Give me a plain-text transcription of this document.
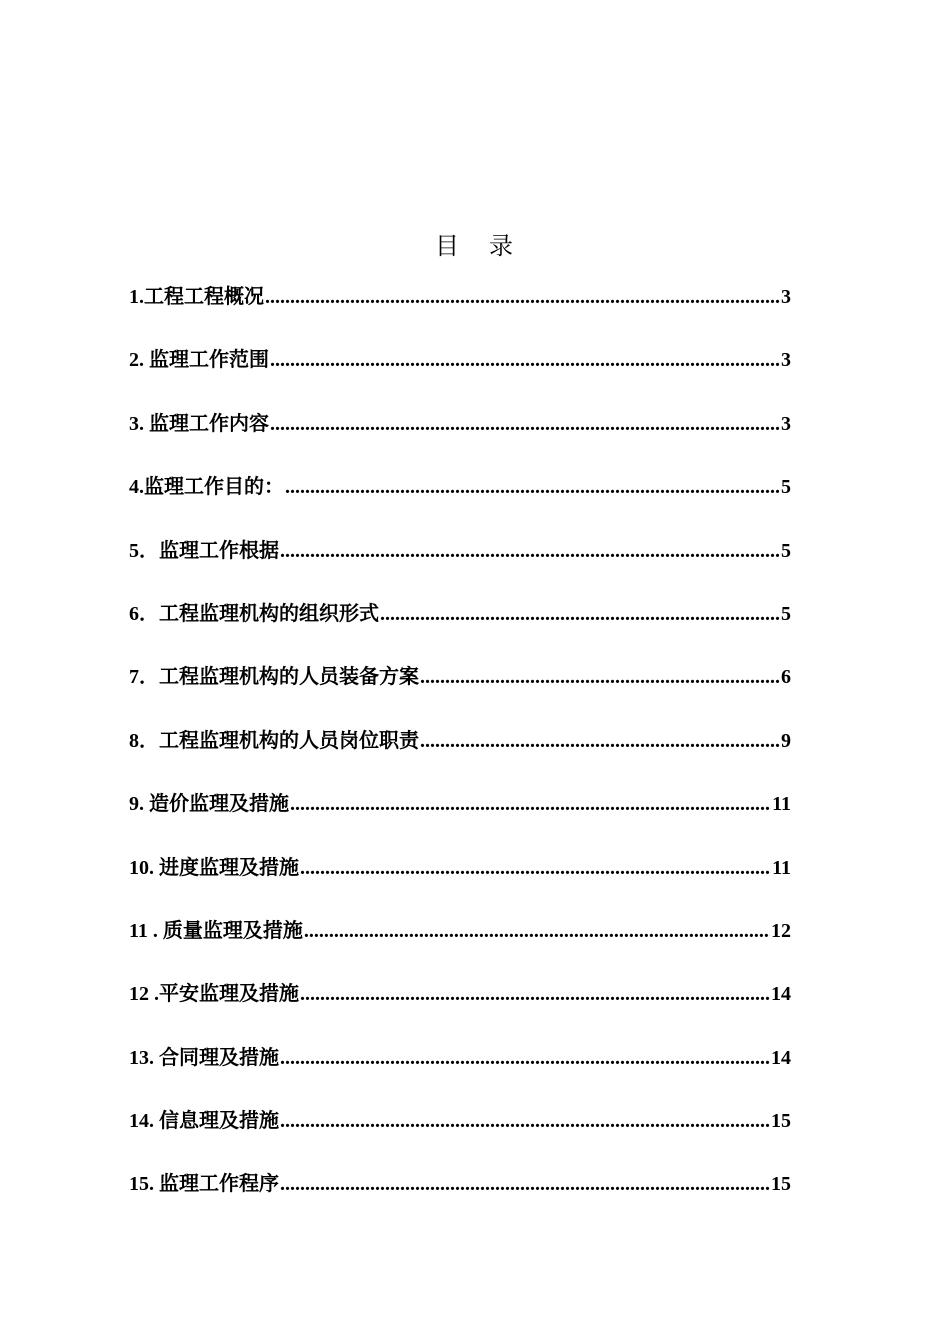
目录
1.工程工程概况 .....	3
2. 监理工作范围 .....	3
3. 监理工作内容 .....	3
4.监理工作目的： .....	5
5．监理工作根据 .....	5
6．工程监理机构的组织形式 .....	5
7．工程监理机构的人员装备方案 .....	6
8．工程监理机构的人员岗位职责 .....	9
9. 造价监理及措施 .....	11
10. 进度监理及措施 .....	11
11 . 质量监理及措施 .....	12
12 .平安监理及措施 .....	14
13. 合同理及措施 .....	14
14. 信息理及措施 .....	15
15. 监理工作程序 .....	15
